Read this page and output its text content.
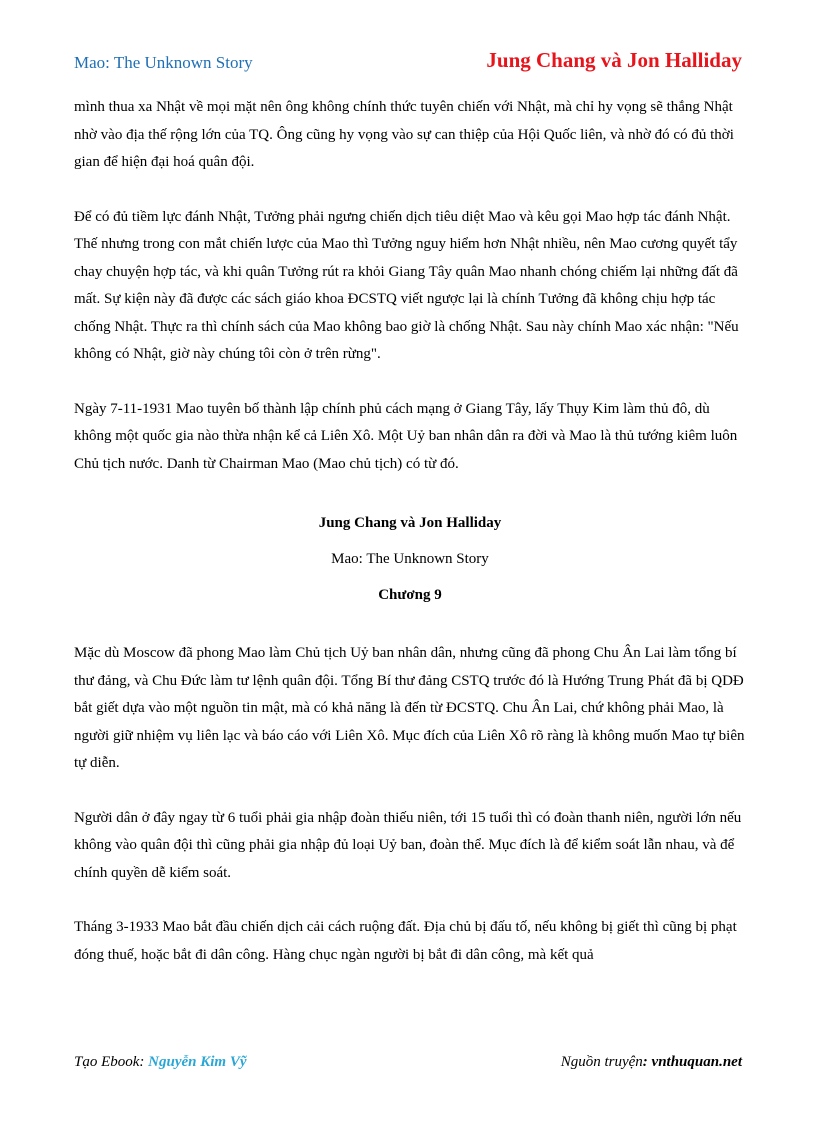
Mao: The Unknown Story	Jung Chang và Jon Halliday

mình thua xa Nhật về mọi mặt nên ông không chính thức tuyên chiến với Nhật, mà chỉ hy vọng sẽ thắng Nhật nhờ vào địa thế rộng lớn của TQ. Ông cũng hy vọng vào sự can thiệp của Hội Quốc liên, và nhờ đó có đủ thời gian để hiện đại hoá quân đội.

Để có đủ tiềm lực đánh Nhật, Tưởng phải ngưng chiến dịch tiêu diệt Mao và kêu gọi Mao hợp tác đánh Nhật. Thế nhưng trong con mắt chiến lược của Mao thì Tưởng nguy hiểm hơn Nhật nhiều, nên Mao cương quyết tẩy chay chuyện hợp tác, và khi quân Tưởng rút ra khỏi Giang Tây quân Mao nhanh chóng chiếm lại những đất đã mất. Sự kiện này đã được các sách giáo khoa ĐCSTQ viết ngược lại là chính Tưởng đã không chịu hợp tác chống Nhật. Thực ra thì chính sách của Mao không bao giờ là chống Nhật. Sau này chính Mao xác nhận: "Nếu không có Nhật, giờ này chúng tôi còn ở trên rừng".

Ngày 7-11-1931 Mao tuyên bố thành lập chính phủ cách mạng ở Giang Tây, lấy Thụy Kim làm thủ đô, dù không một quốc gia nào thừa nhận kể cả Liên Xô. Một Uỷ ban nhân dân ra đời và Mao là thủ tướng kiêm luôn Chủ tịch nước. Danh từ Chairman Mao (Mao chủ tịch) có từ đó.

Jung Chang và Jon Halliday
Mao: The Unknown Story
Chương 9

Mặc dù Moscow đã phong Mao làm Chủ tịch Uỷ ban nhân dân, nhưng cũng đã phong Chu Ân Lai làm tổng bí thư đảng, và Chu Đức làm tư lệnh quân đội. Tổng Bí thư đảng CSTQ trước đó là Hướng Trung Phát đã bị QDĐ bắt giết dựa vào một nguồn tin mật, mà có khả năng là đến từ ĐCSTQ. Chu Ân Lai, chứ không phải Mao, là người giữ nhiệm vụ liên lạc và báo cáo với Liên Xô. Mục đích của Liên Xô rõ ràng là không muốn Mao tự biên tự diễn.

Người dân ở đây ngay từ 6 tuổi phải gia nhập đoàn thiếu niên, tới 15 tuổi thì có đoàn thanh niên, người lớn nếu không vào quân đội thì cũng phải gia nhập đủ loại Uỷ ban, đoàn thể. Mục đích là để kiểm soát lẫn nhau, và để chính quyền dễ kiểm soát.

Tháng 3-1933 Mao bắt đầu chiến dịch cải cách ruộng đất. Địa chủ bị đấu tố, nếu không bị giết thì cũng bị phạt đóng thuế, hoặc bắt đi dân công. Hàng chục ngàn người bị bắt đi dân công, mà kết quả

Tạo Ebook: Nguyễn Kim Vỹ	Nguồn truyện: vnthuquan.net
